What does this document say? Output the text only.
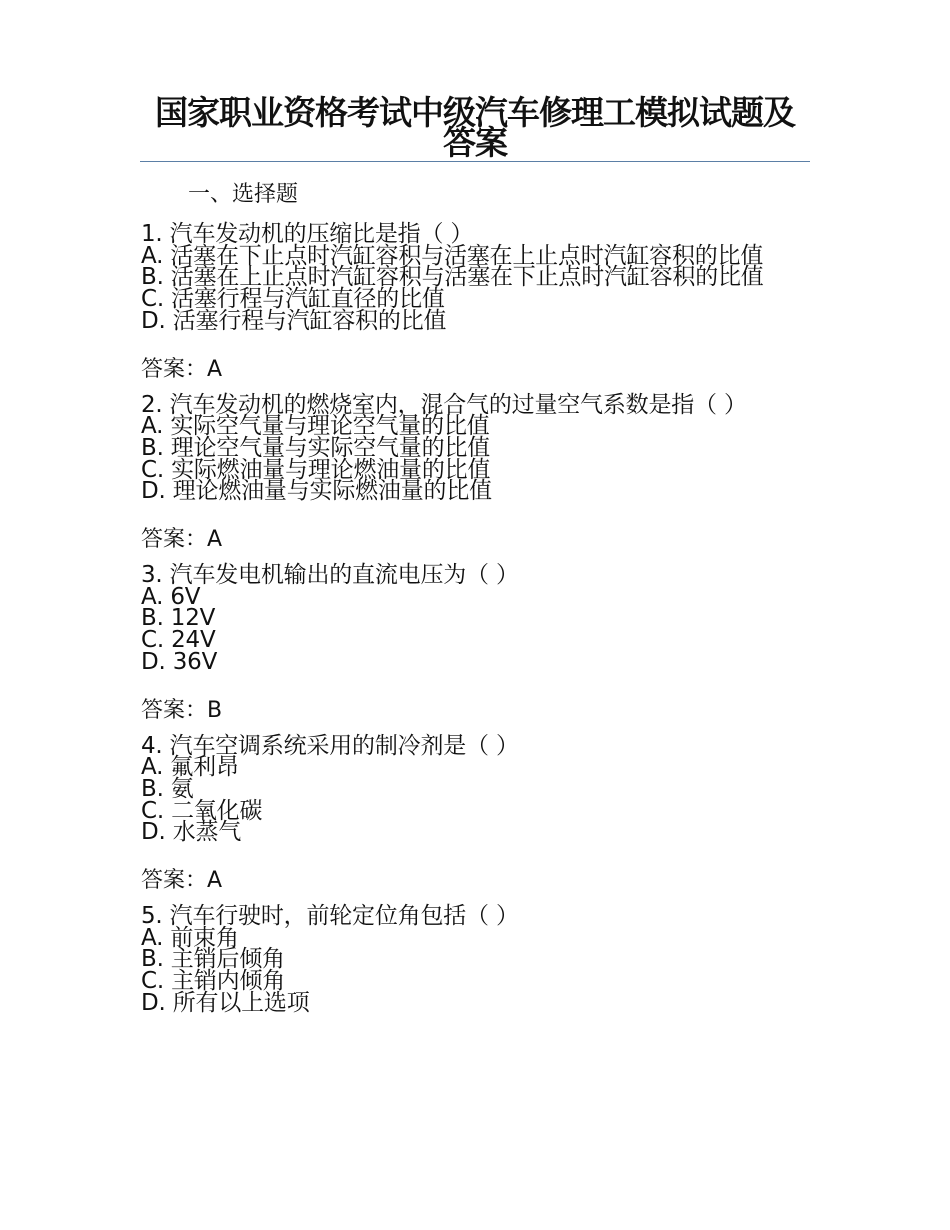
国家职业资格考试中级汽车修理工模拟试题及答案

一、选择题

1. 汽车发动机的压缩比是指（ ）
A. 活塞在下止点时汽缸容积与活塞在上止点时汽缸容积的比值
B. 活塞在上止点时汽缸容积与活塞在下止点时汽缸容积的比值
C. 活塞行程与汽缸直径的比值
D. 活塞行程与汽缸容积的比值
答案：A
2. 汽车发动机的燃烧室内，混合气的过量空气系数是指（ ）
A. 实际空气量与理论空气量的比值
B. 理论空气量与实际空气量的比值
C. 实际燃油量与理论燃油量的比值
D. 理论燃油量与实际燃油量的比值
答案：A
3. 汽车发电机输出的直流电压为（ ）
A. 6V
B. 12V
C. 24V
D. 36V
答案：B
4. 汽车空调系统采用的制冷剂是（ ）
A. 氟利昂
B. 氨
C. 二氧化碳
D. 水蒸气
答案：A
5. 汽车行驶时，前轮定位角包括（ ）
A. 前束角
B. 主销后倾角
C. 主销内倾角
D. 所有以上选项
